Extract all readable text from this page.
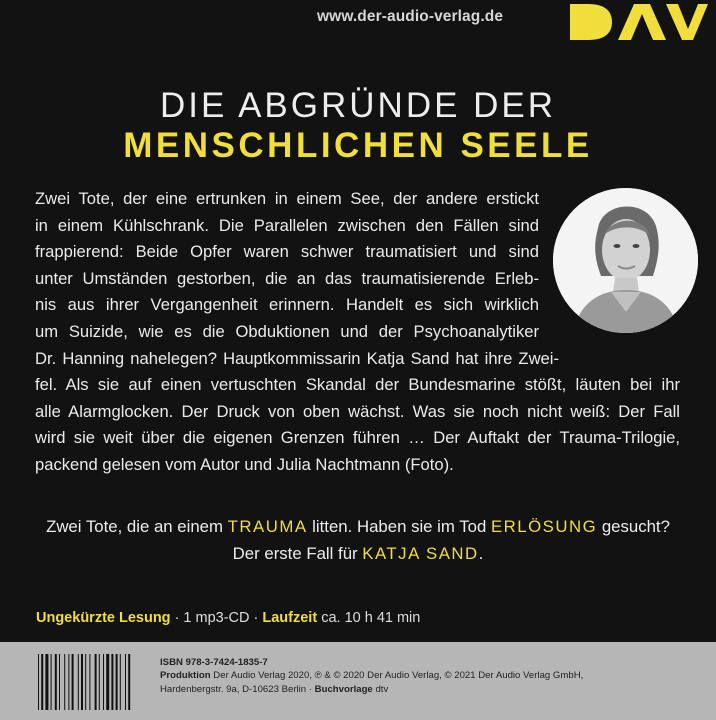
www.der-audio-verlag.de
DIE ABGRÜNDE DER
MENSCHLICHEN SEELE
Zwei Tote, der eine ertrunken in einem See, der andere erstickt
in einem Kühlschrank. Die Parallelen zwischen den Fällen sind
frappierend: Beide Opfer waren schwer traumatisiert und sind
unter Umständen gestorben, die an das traumatisierende Erleb-
nis aus ihrer Vergangenheit erinnern. Handelt es sich wirklich
um Suizide, wie es die Obduktionen und der Psychoanalytiker
Dr. Hanning nahelegen? Hauptkommissarin Katja Sand hat ihre Zwei-
fel. Als sie auf einen vertuschten Skandal der Bundesmarine stößt, läuten bei ihr
alle Alarmglocken. Der Druck von oben wächst. Was sie noch nicht weiß: Der Fall
wird sie weit über die eigenen Grenzen führen … Der Auftakt der Trauma-Trilogie,
packend gelesen vom Autor und Julia Nachtmann (Foto).
Zwei Tote, die an einem TRAUMA litten. Haben sie im Tod ERLÖSUNG gesucht?
Der erste Fall für KATJA SAND.
Ungekürzte Lesung · 1 mp3-CD · Laufzeit ca. 10 h 41 min
ISBN 978-3-7424-1835-7
Produktion Der Audio Verlag 2020, ℗ & © 2020 Der Audio Verlag, © 2021 Der Audio Verlag GmbH,
Hardenbergstr. 9a, D-10623 Berlin · Buchvorlage dtv
